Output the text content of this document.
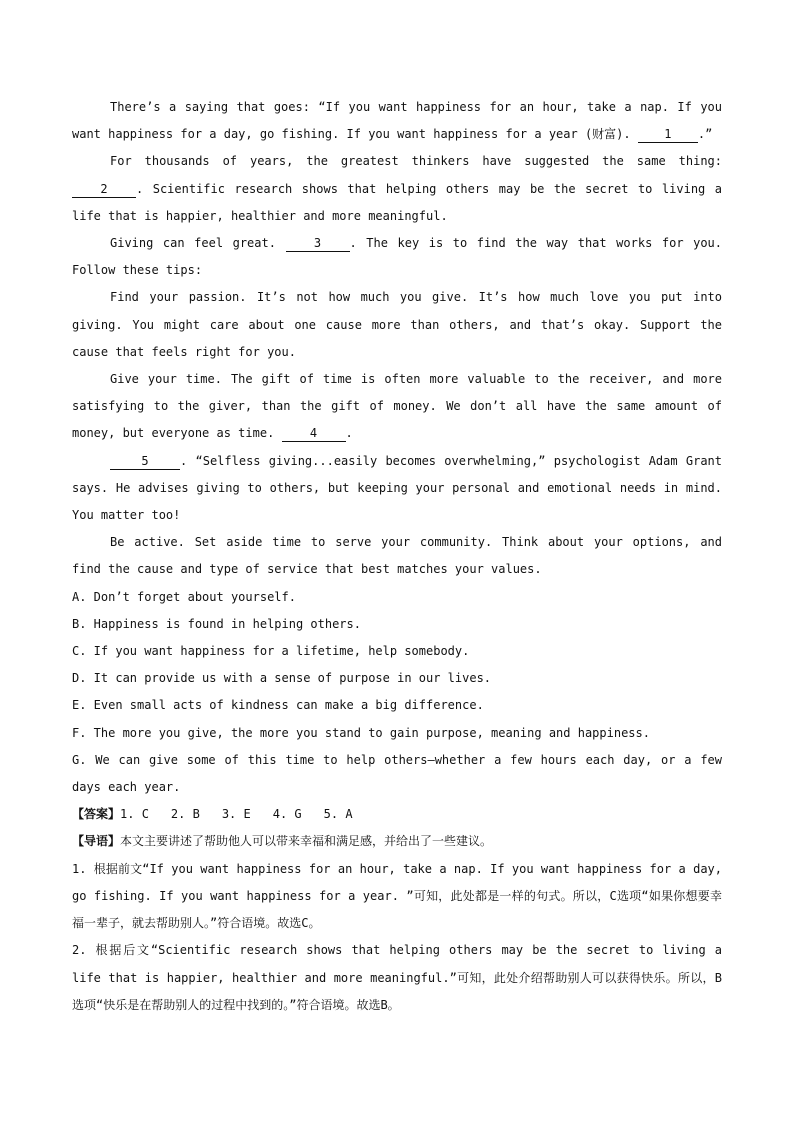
There’s a saying that goes: “If you want happiness for an hour, take a nap. If you want happiness for a day, go fishing. If you want happiness for a year (财富). 1 .”

For thousands of years, the greatest thinkers have suggested the same thing: 2 . Scientific research shows that helping others may be the secret to living a life that is happier, healthier and more meaningful.

Giving can feel great. 3 . The key is to find the way that works for you. Follow these tips:

Find your passion. It’s not how much you give. It’s how much love you put into giving. You might care about one cause more than others, and that’s okay. Support the cause that feels right for you.

Give your time. The gift of time is often more valuable to the receiver, and more satisfying to the giver, than the gift of money. We don’t all have the same amount of money, but everyone as time. 4 .

5	. “Selfless giving...easily becomes overwhelming,” psychologist Adam Grant says. He advises giving to others, but keeping your personal and emotional needs in mind. You matter too!

Be active. Set aside time to serve your community. Think about your options, and find the cause and type of service that best matches your values.

A. Don’t forget about yourself.

B. Happiness is found in helping others.

C. If you want happiness for a lifetime, help somebody.

D. It can provide us with a sense of purpose in our lives.

E. Even small acts of kindness can make a big difference.

F. The more you give, the more you stand to gain purpose, meaning and happiness.

G. We can give some of this time to help others—whether a few hours each day, or a few days each year.

【答案】1. C 2. B 3. E 4. G 5. A

【导语】本文主要讲述了帮助他人可以带来幸福和满足感，并给出了一些建议。

1. 根据前文“If you want happiness for an hour, take a nap. If you want happiness for a day, go fishing. If you want happiness for a year. ”可知，此处都是一样的句式。所以，C选项“如果你想要幸福一辈子，就去帮助别人。”符合语境。故选C。

2. 根据后文“Scientific research shows that helping others may be the secret to living a life that is happier, healthier and more meaningful.”可知，此处介绍帮助别人可以获得快乐。所以，B选项“快乐是在帮助别人的过程中找到的。”符合语境。故选B。
